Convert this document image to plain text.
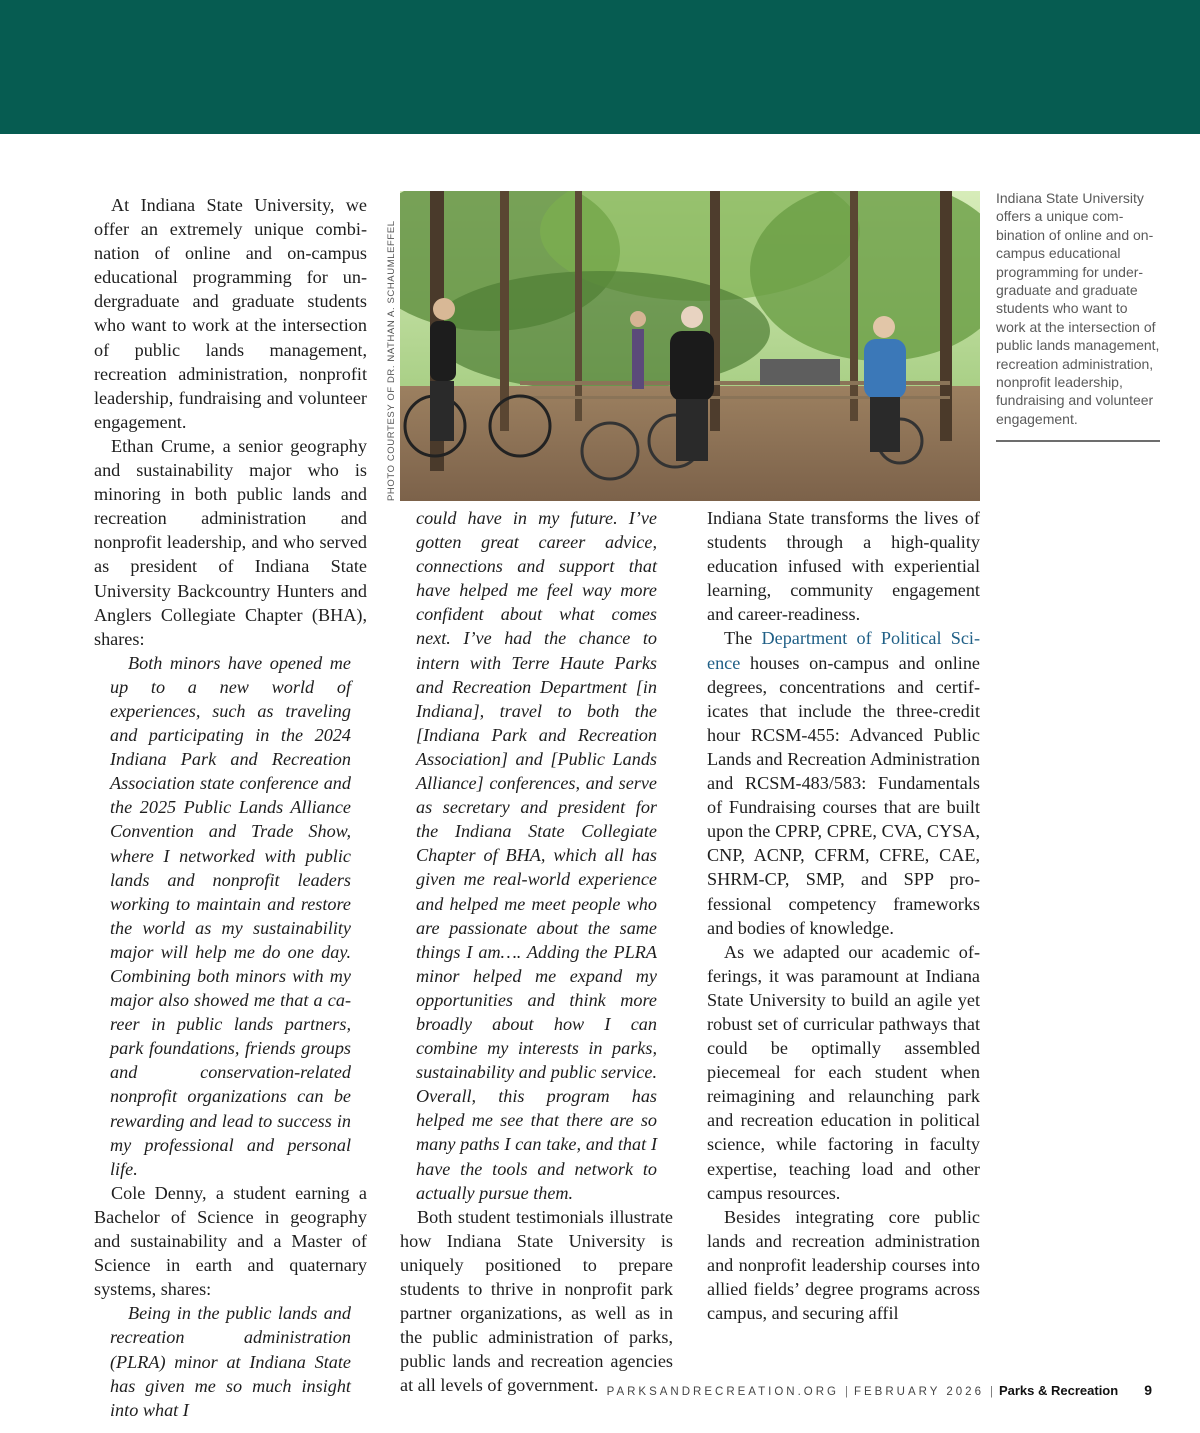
At Indiana State University, we offer an extremely unique combination of online and on-campus educational programming for undergraduate and graduate students who want to work at the intersection of public lands management, recreation administration, nonprofit leadership, fundraising and volunteer engagement.

Ethan Crume, a senior geography and sustainability major who is minoring in both public lands and recreation administration and nonprofit leadership, and who served as president of Indiana State University Backcountry Hunters and Anglers Collegiate Chapter (BHA), shares:

Both minors have opened me up to a new world of experiences, such as traveling and participating in the 2024 Indiana Park and Recreation Association state conference and the 2025 Public Lands Alliance Convention and Trade Show, where I networked with public lands and nonprofit leaders working to maintain and restore the world as my sustainability major will help me do one day. Combining both minors with my major also showed me that a career in public lands partners, park foundations, friends groups and conservation-related nonprofit organizations can be rewarding and lead to success in my professional and personal life.

Cole Denny, a student earning a Bachelor of Science in geography and sustainability and a Master of Science in earth and quaternary systems, shares:

Being in the public lands and recreation administration (PLRA) minor at Indiana State has given me so much insight into what I

PHOTO COURTESY OF DR. NATHAN A. SCHAUMLEFFEL
Indiana State University offers a unique combination of online and on-campus educational programming for undergraduate and graduate students who want to work at the intersection of public lands management, recreation administration, nonprofit leadership, fundraising and volunteer engagement.

could have in my future. I’ve gotten great career advice, connections and support that have helped me feel way more confident about what comes next. I’ve had the chance to intern with Terre Haute Parks and Recreation Department [in Indiana], travel to both the [Indiana Park and Recreation Association] and [Public Lands Alliance] conferences, and serve as secretary and president for the Indiana State Collegiate Chapter of BHA, which all has given me real-world experience and helped me meet people who are passionate about the same things I am…. Adding the PLRA minor helped me expand my opportunities and think more broadly about how I can combine my interests in parks, sustainability and public service. Overall, this program has helped me see that there are so many paths I can take, and that I have the tools and network to actually pursue them.

Both student testimonials illustrate how Indiana State University is uniquely positioned to prepare students to thrive in nonprofit park partner organizations, as well as in the public administration of parks, public lands and recreation agencies at all levels of government.

Indiana State transforms the lives of students through a high-quality education infused with experiential learning, community engagement and career-readiness.

The Department of Political Science houses on-campus and online degrees, concentrations and certificates that include the three-credit hour RCSM-455: Advanced Public Lands and Recreation Administration and RCSM-483/583: Fundamentals of Fundraising courses that are built upon the CPRP, CPRE, CVA, CYSA, CNP, ACNP, CFRM, CFRE, CAE, SHRM-CP, SMP, and SPP professional competency frameworks and bodies of knowledge.

As we adapted our academic offerings, it was paramount at Indiana State University to build an agile yet robust set of curricular pathways that could be optimally assembled piecemeal for each student when reimagining and relaunching park and recreation education in political science, while factoring in faculty expertise, teaching load and other campus resources.

Besides integrating core public lands and recreation administration and nonprofit leadership courses into allied fields’ degree programs across campus, and securing affil

PARKSANDRECREATION.ORG | FEBRUARY 2026 | Parks & Recreation 9
